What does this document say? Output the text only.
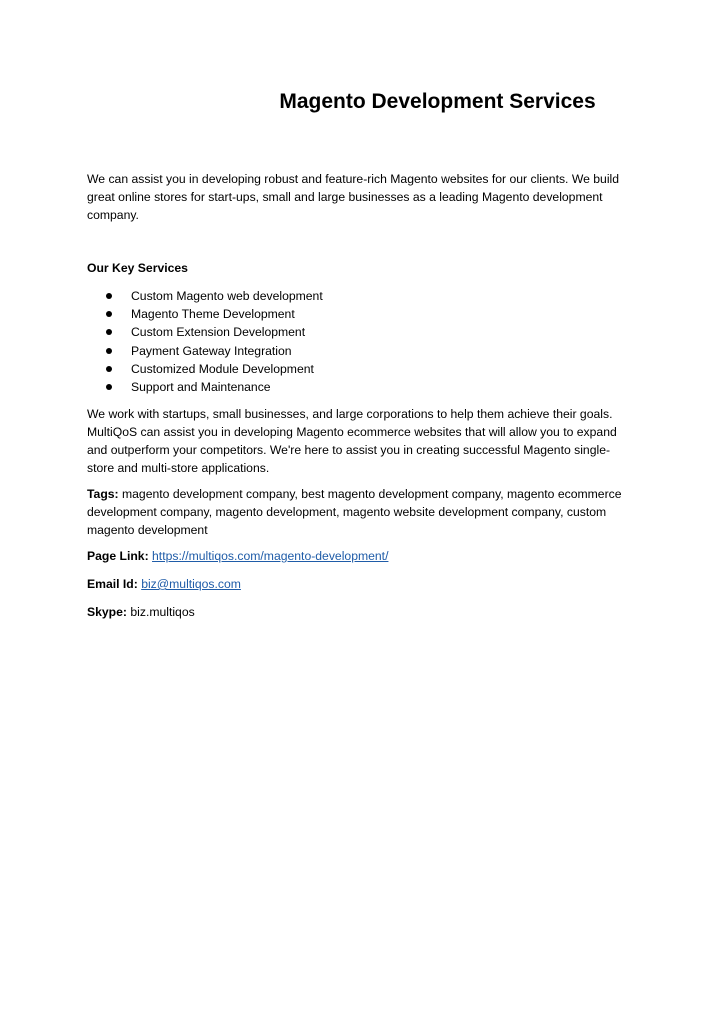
Magento Development Services

We can assist you in developing robust and feature-rich Magento websites for our clients. We build great online stores for start-ups, small and large businesses as a leading Magento development company.

Our Key Services
Custom Magento web development
Magento Theme Development
Custom Extension Development
Payment Gateway Integration
Customized Module Development
Support and Maintenance

We work with startups, small businesses, and large corporations to help them achieve their goals. MultiQoS can assist you in developing Magento ecommerce websites that will allow you to expand and outperform your competitors. We're here to assist you in creating successful Magento single-store and multi-store applications.

Tags: magento development company, best magento development company, magento ecommerce development company, magento development, magento website development company, custom magento development

Page Link: https://multiqos.com/magento-development/
Email Id: biz@multiqos.com
Skype: biz.multiqos
